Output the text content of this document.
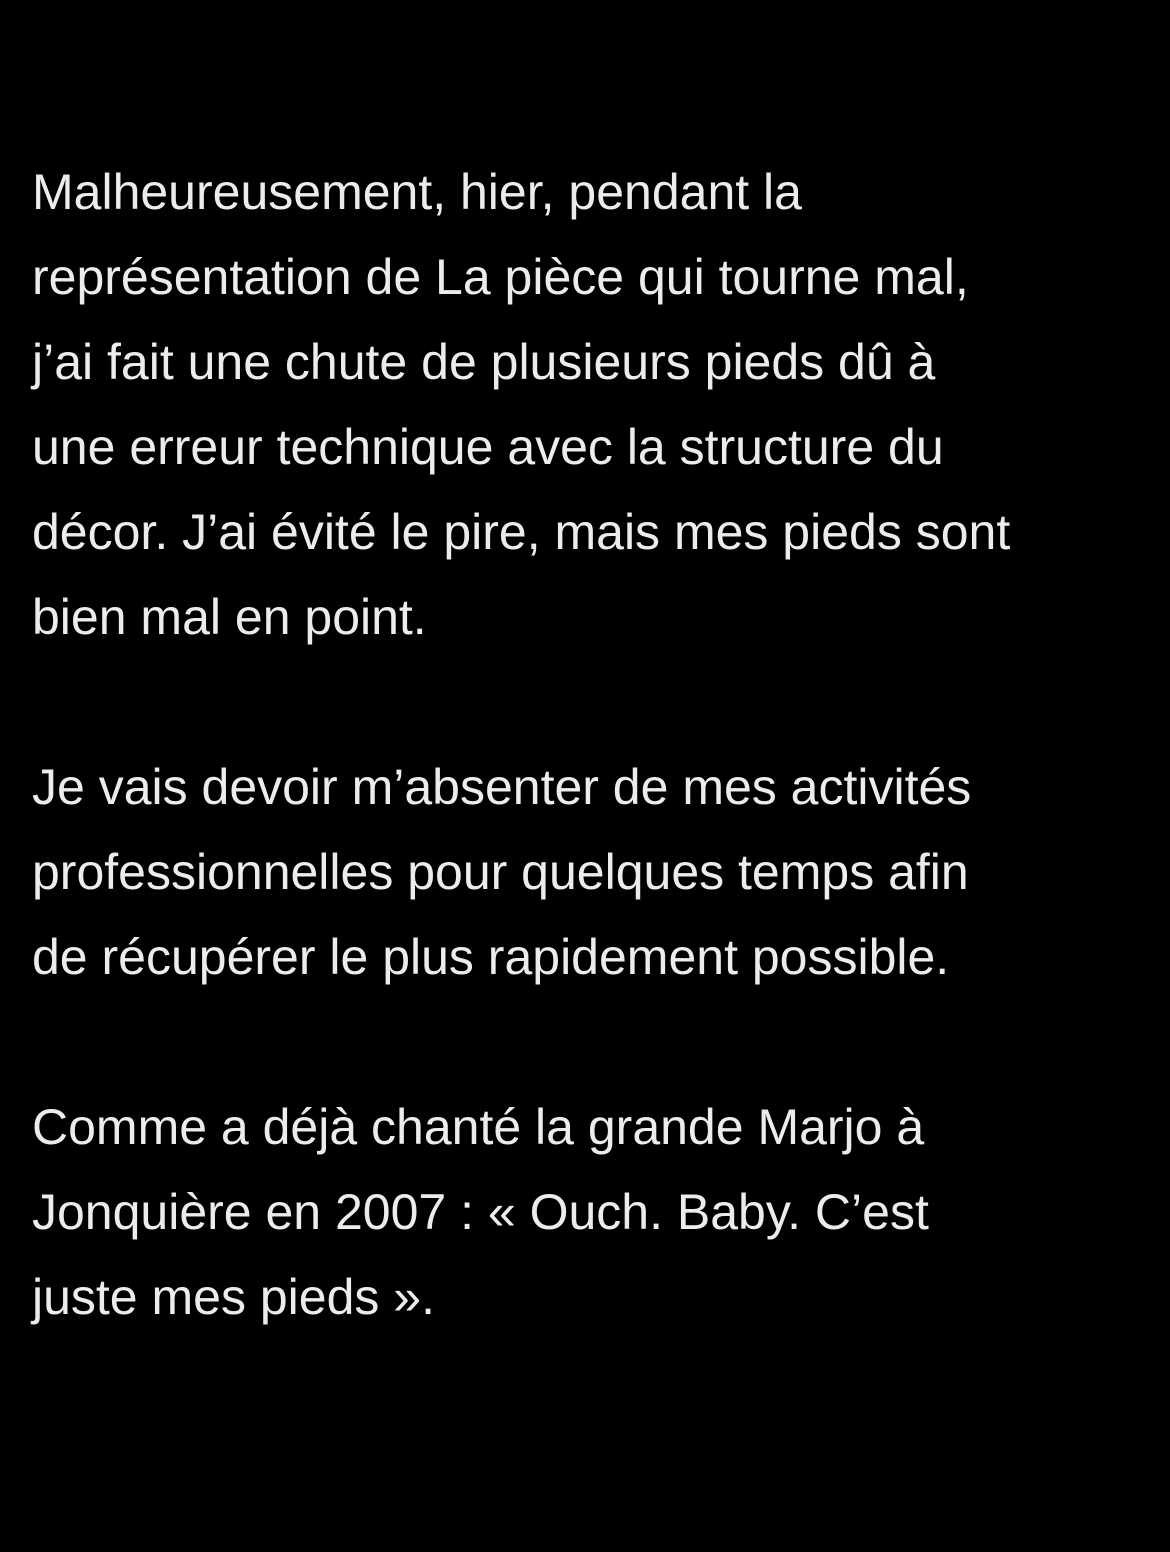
Malheureusement, hier, pendant la
représentation de La pièce qui tourne mal,
j’ai fait une chute de plusieurs pieds dû à
une erreur technique avec la structure du
décor. J’ai évité le pire, mais mes pieds sont
bien mal en point.

Je vais devoir m’absenter de mes activités
professionnelles pour quelques temps afin
de récupérer le plus rapidement possible.

Comme a déjà chanté la grande Marjo à
Jonquière en 2007 : « Ouch. Baby. C’est
juste mes pieds ».
